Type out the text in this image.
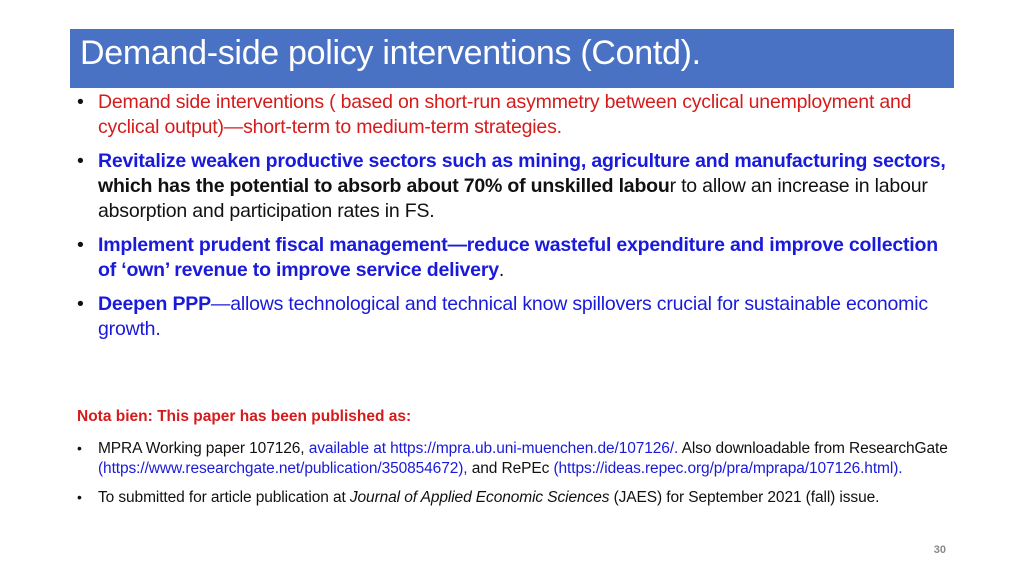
Demand-side policy interventions (Contd).
• Demand side interventions ( based on short-run asymmetry between cyclical unemployment and cyclical output)—short-term to medium-term strategies.
• Revitalize weaken productive sectors such as mining, agriculture and manufacturing sectors, which has the potential to absorb about 70% of unskilled labour to allow an increase in labour absorption and participation rates in FS.
• Implement prudent fiscal management—reduce wasteful expenditure and improve collection of ‘own’ revenue to improve service delivery.
• Deepen PPP—allows technological and technical know spillovers crucial for sustainable economic growth.
Nota bien: This paper has been published as:
• MPRA Working paper 107126, available at https://mpra.ub.uni-muenchen.de/107126/. Also downloadable from ResearchGate (https://www.researchgate.net/publication/350854672), and RePEc (https://ideas.repec.org/p/pra/mprapa/107126.html).
• To submitted for article publication at Journal of Applied Economic Sciences (JAES) for September 2021 (fall) issue.
30
